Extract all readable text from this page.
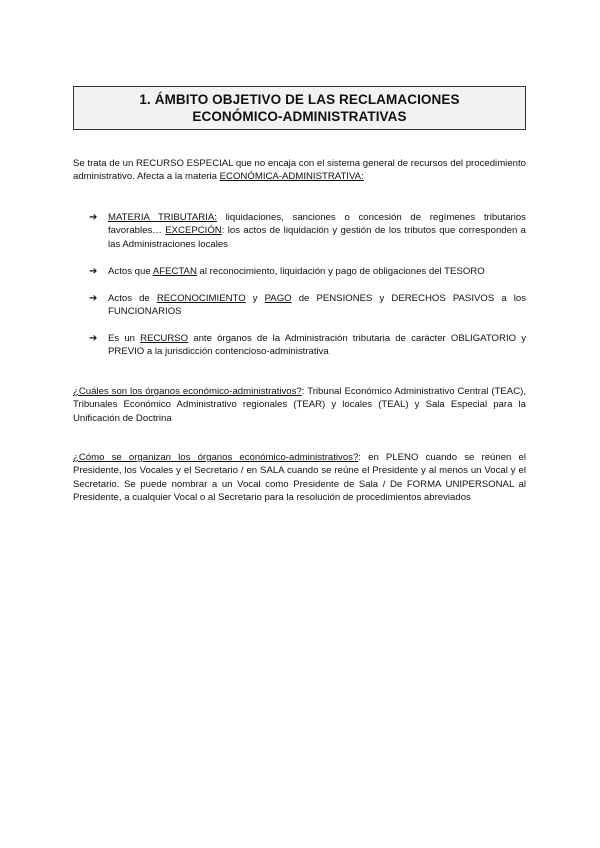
1. ÁMBITO OBJETIVO DE LAS RECLAMACIONES
ECONÓMICO-ADMINISTRATIVAS
Se trata de un RECURSO ESPECIAL que no encaja con el sistema general de recursos del procedimiento administrativo. Afecta a la materia ECONÓMICA-ADMINISTRATIVA:
➔ MATERIA TRIBUTARIA: liquidaciones, sanciones o concesión de regímenes tributarios favorables… EXCEPCIÓN: los actos de liquidación y gestión de los tributos que corresponden a las Administraciones locales
➔ Actos que AFECTAN al reconocimiento, liquidación y pago de obligaciones del TESORO
➔ Actos de RECONOCIMIENTO y PAGO de PENSIONES y DERECHOS PASIVOS a los FUNCIONARIOS
➔ Es un RECURSO ante órganos de la Administración tributaria de carácter OBLIGATORIO y PREVIO a la jurisdicción contencioso-administrativa
¿Cuáles son los órganos económico-administrativos?: Tribunal Económico Administrativo Central (TEAC), Tribunales Económico Administrativo regionales (TEAR) y locales (TEAL) y Sala Especial para la Unificación de Doctrina
¿Cómo se organizan los órganos económico-administrativos?: en PLENO cuando se reúnen el Presidente, los Vocales y el Secretario / en SALA cuando se reúne el Presidente y al menos un Vocal y el Secretario. Se puede nombrar a un Vocal como Presidente de Sala / De FORMA UNIPERSONAL al Presidente, a cualquier Vocal o al Secretario para la resolución de procedimientos abreviados
